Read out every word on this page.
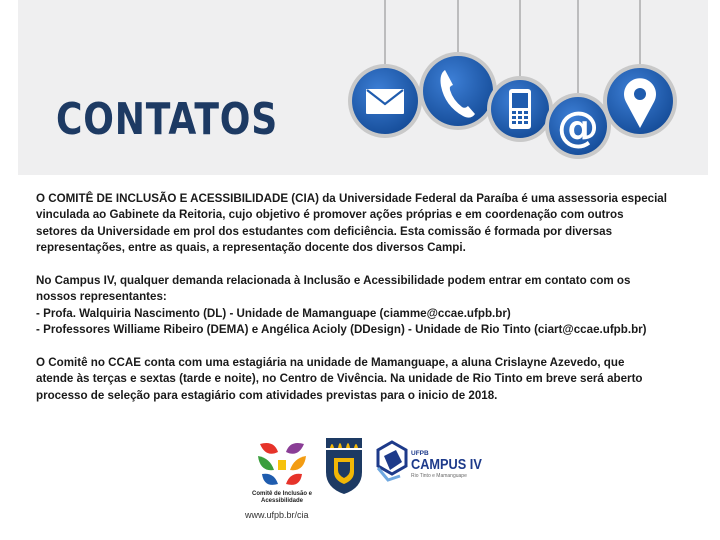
CONTATOS	@

O COMITÊ DE INCLUSÃO E ACESSIBILIDADE (CIA) da Universidade Federal da Paraíba é uma assessoria especial
vinculada ao Gabinete da Reitoria, cujo objetivo é promover ações próprias e em coordenação com outros
setores da Universidade em prol dos estudantes com deficiência. Esta comissão é formada por diversas
representações, entre as quais, a representação docente dos diversos Campi.

No Campus IV, qualquer demanda relacionada à Inclusão e Acessibilidade podem entrar em contato com os
nossos representantes:
- Profa. Walquiria Nascimento (DL) - Unidade de Mamanguape (ciamme@ccae.ufpb.br)
- Professores Williame Ribeiro (DEMA) e Angélica Acioly (DDesign) - Unidade de Rio Tinto (ciart@ccae.ufpb.br)

O Comitê no CCAE conta com uma estagiária na unidade de Mamanguape, a aluna Crislayne Azevedo, que
atende às terças e sextas (tarde e noite), no Centro de Vivência. Na unidade de Rio Tinto em breve será aberto
processo de seleção para estagiário com atividades previstas para o inicio de 2018.

Comitê de Inclusão e
Acessibilidade
www.ufpb.br/cia
UFPB
CAMPUS IV
Rio Tinto e Mamanguape
